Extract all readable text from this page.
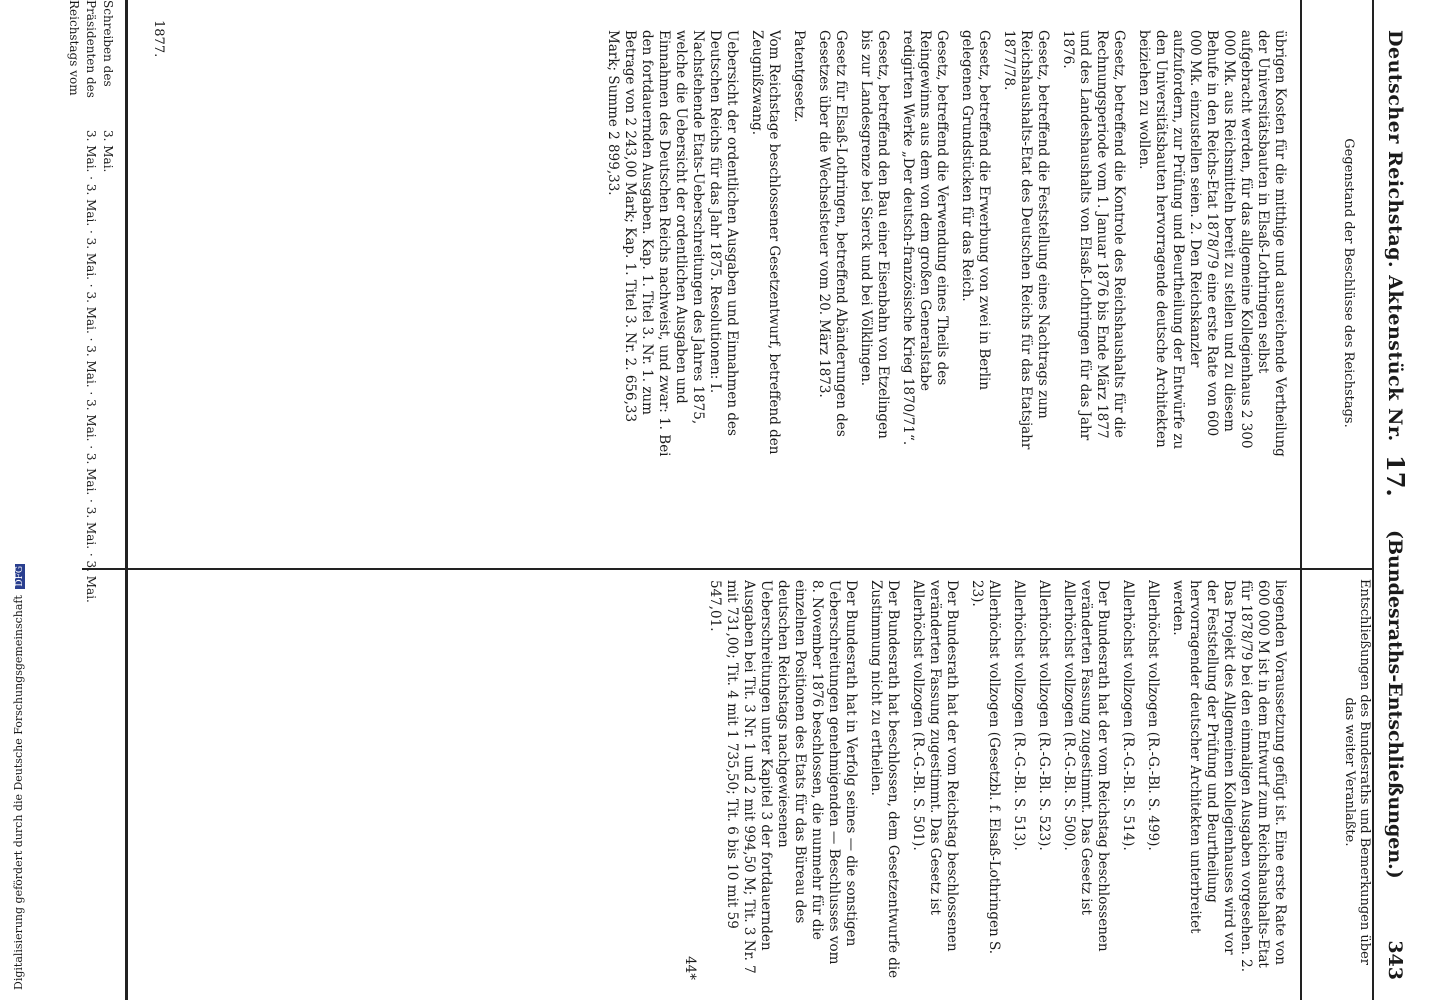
Deutscher Reichstag. Aktenstück Nr.
17.
(Bundesraths-Entschließungen.)
343
Gegenstand der Beschlüsse des Reichstags.
Entschließungen des Bundesraths und Bemerkungen über das weiter Veranlaßte.
Schreiben des Präsidenten des Reichstags vom	1877.
3. Mai.	übrigen Kosten für die mitthige und ausreichende Vertheilung der Universitätsbauten in Elsaß-Lothringen selbst aufgebracht werden, für das allgemeine Kollegienhaus 2 300 000 Mk. aus Reichsmitteln bereit zu stellen und zu diesem Behufe in den Reichs-Etat 1878/79 eine erste Rate von 600 000 Mk. einzustellen seien. 2. Den Reichskanzler aufzufordern, zur Prüfung und Beurtheilung der Entwürfe zu den Universitätsbauten hervorragende deutsche Architekten beiziehen zu wollen.

Gesetz, betreffend die Kontrole des Reichshaushalts für die Rechnungsperiode vom 1. Januar 1876 bis Ende März 1877 und des Landeshaushalts von Elsaß-Lothringen für das Jahr 1876.

Gesetz, betreffend die Feststellung eines Nachtrags zum Reichshaushalts-Etat des Deutschen Reichs für das Etatsjahr 1877/78.

Gesetz, betreffend die Erwerbung von zwei in Berlin gelegenen Grundstücken für das Reich.

Gesetz, betreffend die Verwendung eines Theils des Reingewinns aus dem von dem großen Generalstabe redigirten Werke „Der deutsch-französische Krieg 1870/71“.

Gesetz, betreffend den Bau einer Eisenbahn von Etzelingen bis zur Landesgrenze bei Sierck und bei Völklingen.

Gesetz für Elsaß-Lothringen, betreffend Abänderungen des Gesetzes über die Wechselsteuer vom 20. März 1873.

Patentgesetz.

Vom Reichstage beschlossener Gesetzentwurf, betreffend den Zeugnißzwang.

Uebersicht der ordentlichen Ausgaben und Einnahmen des Deutschen Reichs für das Jahr 1875. Resolutionen: I. Nachstehende Etats-Ueberschreitungen des Jahres 1875, welche die Uebersicht der ordentlichen Ausgaben und Einnahmen des Deutschen Reichs nachweist, und zwar: 1. Bei den fortdauernden Ausgaben. Kap. 1. Titel 3. Nr. 1. zum Betrage von 2 243,00 Mark; Kap. 1. Titel 3. Nr. 2. 656,33 Mark; Summe 2 899,33.

liegenden Voraussetzung gefügt ist. Eine erste Rate von 600 000 M ist in dem Entwurf zum Reichshaushalts-Etat für 1878/79 bei den einmaligen Ausgaben vorgesehen. 2. Das Projekt des Allgemeinen Kollegienhauses wird vor der Feststellung der Prüfung und Beurtheilung hervorragender deutscher Architekten unterbreitet werden.

Allerhöchst vollzogen (R.-G.-Bl. S. 499).

Allerhöchst vollzogen (R.-G.-Bl. S. 514).

Der Bundesrath hat der vom Reichstag beschlossenen veränderten Fassung zugestimmt. Das Gesetz ist Allerhöchst vollzogen (R.-G.-Bl. S. 500).

Allerhöchst vollzogen (R.-G.-Bl. S. 523).

Allerhöchst vollzogen (R.-G.-Bl. S. 513).

Allerhöchst vollzogen (Gesetzbl. f. Elsaß-Lothringen S. 23).

Der Bundesrath hat der vom Reichstag beschlossenen veränderten Fassung zugestimmt. Das Gesetz ist Allerhöchst vollzogen (R.-G.-Bl. S. 501).

Der Bundesrath hat beschlossen, dem Gesetzentwurfe die Zustimmung nicht zu ertheilen.

Der Bundesrath hat in Verfolg seines — die sonstigen Ueberschreitungen genehmigenden — Beschlusses vom 8. November 1876 beschlossen, die nunmehr für die einzelnen Positionen des Etats für das Büreau des deutschen Reichstags nachgewiesenen Ueberschreitungen unter Kapitel 3 der fortdauernden Ausgaben bei Tit. 3 Nr. 1 und 2 mit 994,50 M; Tit. 3 Nr. 7 mit 731,00; Tit. 4 mit 1 735,50; Tit. 6 bis 10 mit 59 547,01.

44*

3. Mai. · 3. Mai. · 3. Mai. · 3. Mai. · 3. Mai. · 3. Mai. · 3. Mai. · 3. Mai. · 3. Mai.
Digitalisierung gefördert durch die Deutsche Forschungsgemeinschaft DFG
